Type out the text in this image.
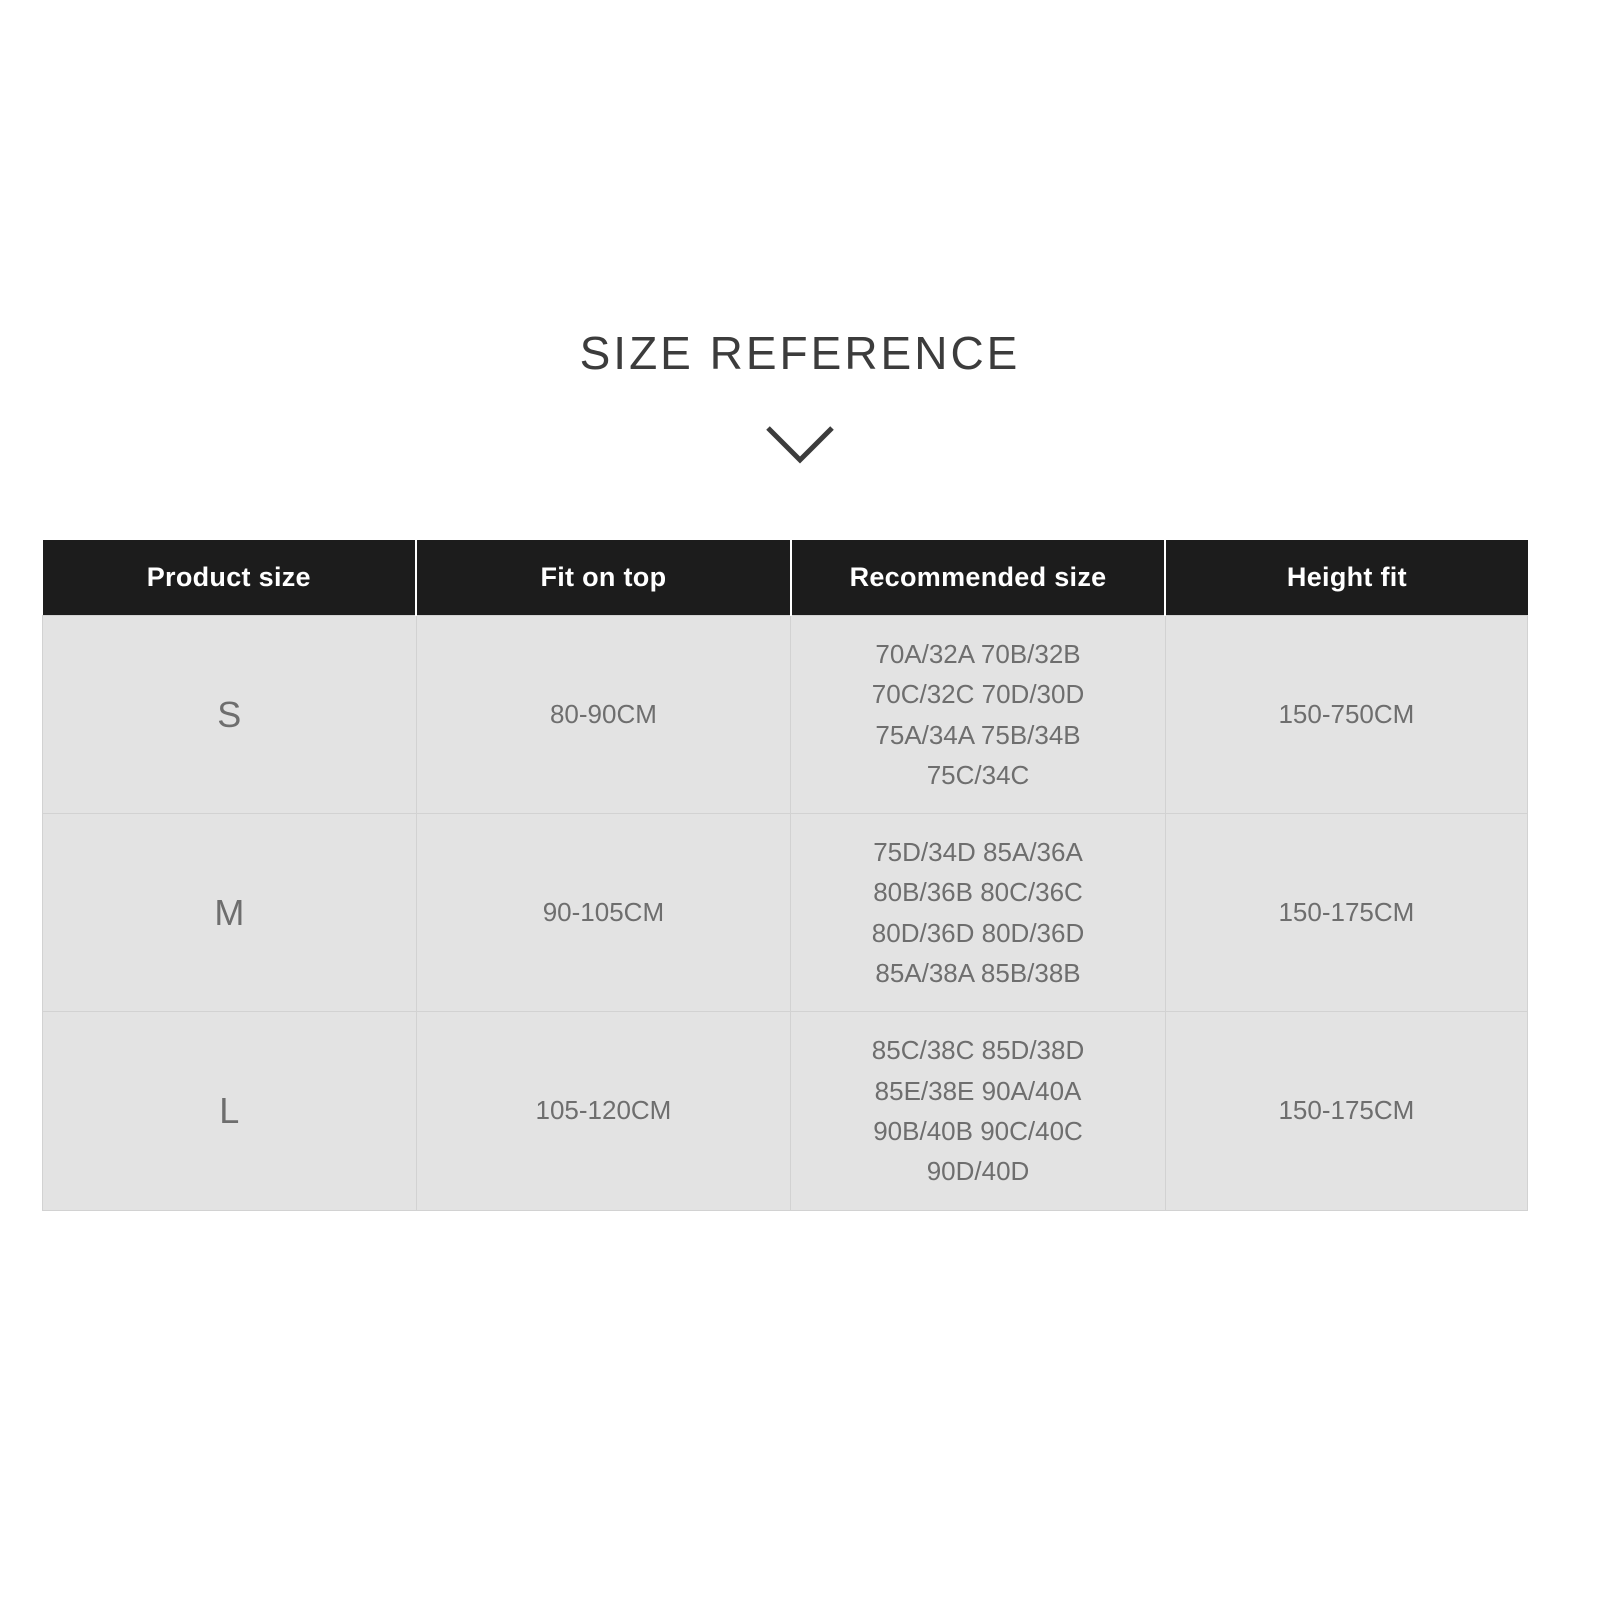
SIZE REFERENCE
Product size	Fit on top	Recommended size	Height fit
S	80-90CM	70A/32A 70B/32B
70C/32C 70D/30D
75A/34A 75B/34B
75C/34C	150-750CM
M	90-105CM	75D/34D 85A/36A
80B/36B 80C/36C
80D/36D 80D/36D
85A/38A 85B/38B	150-175CM
L	105-120CM	85C/38C 85D/38D
85E/38E 90A/40A
90B/40B 90C/40C
90D/40D	150-175CM
